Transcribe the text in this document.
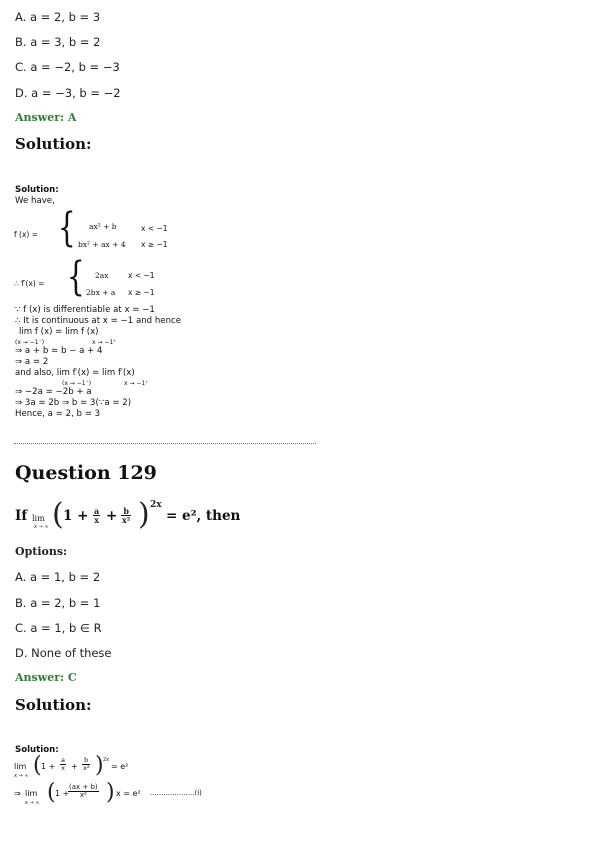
A. a = 2, b = 3
B. a = 3, b = 2
C. a = −2, b = −3
D. a = −3, b = −2
Answer: A
Solution:
Solution:
We have,
f (x) = { ax² + b	x < −1
bx² + ax + 4 x ≥ −1
∴ f′(x) = { 2ax	x < −1
2bx + a x ≥ −1
∵ f (x) is differentiable at x = −1
∴ It is continuous at x = −1 and hence
lim f (x) = lim f (x)
(x → −1⁻)	x → −1⁺
⇒ a + b = b − a + 4
⇒ a = 2
and also, lim f′(x) = lim f′(x)
(x → −1⁻)	x → −1⁺
⇒ −2a = −2b + a
⇒ 3a = 2b ⇒ b = 3(∵a = 2)
Hence, a = 2, b = 3
Question 129
If lim
x → ∞ ( $1 + \frac{a}{x} + \frac{b}{\text{x²}}$ ) 2x
= e², then
Options:
A. a = 1, b = 2
B. a = 2, b = 1
C. a = 1, b ∈ R
D. None of these
Answer: C
Solution:
Solution:
lim
x → ∞ ( $1 + \frac{a}{x} + \frac{b}{\text{x²}}$ ) 2x
= e²
⇒ lim
x → ∞ ( 1 +
$\frac{(ax + b)}{\text{x²}}$ ) x = e² ....................(i)
